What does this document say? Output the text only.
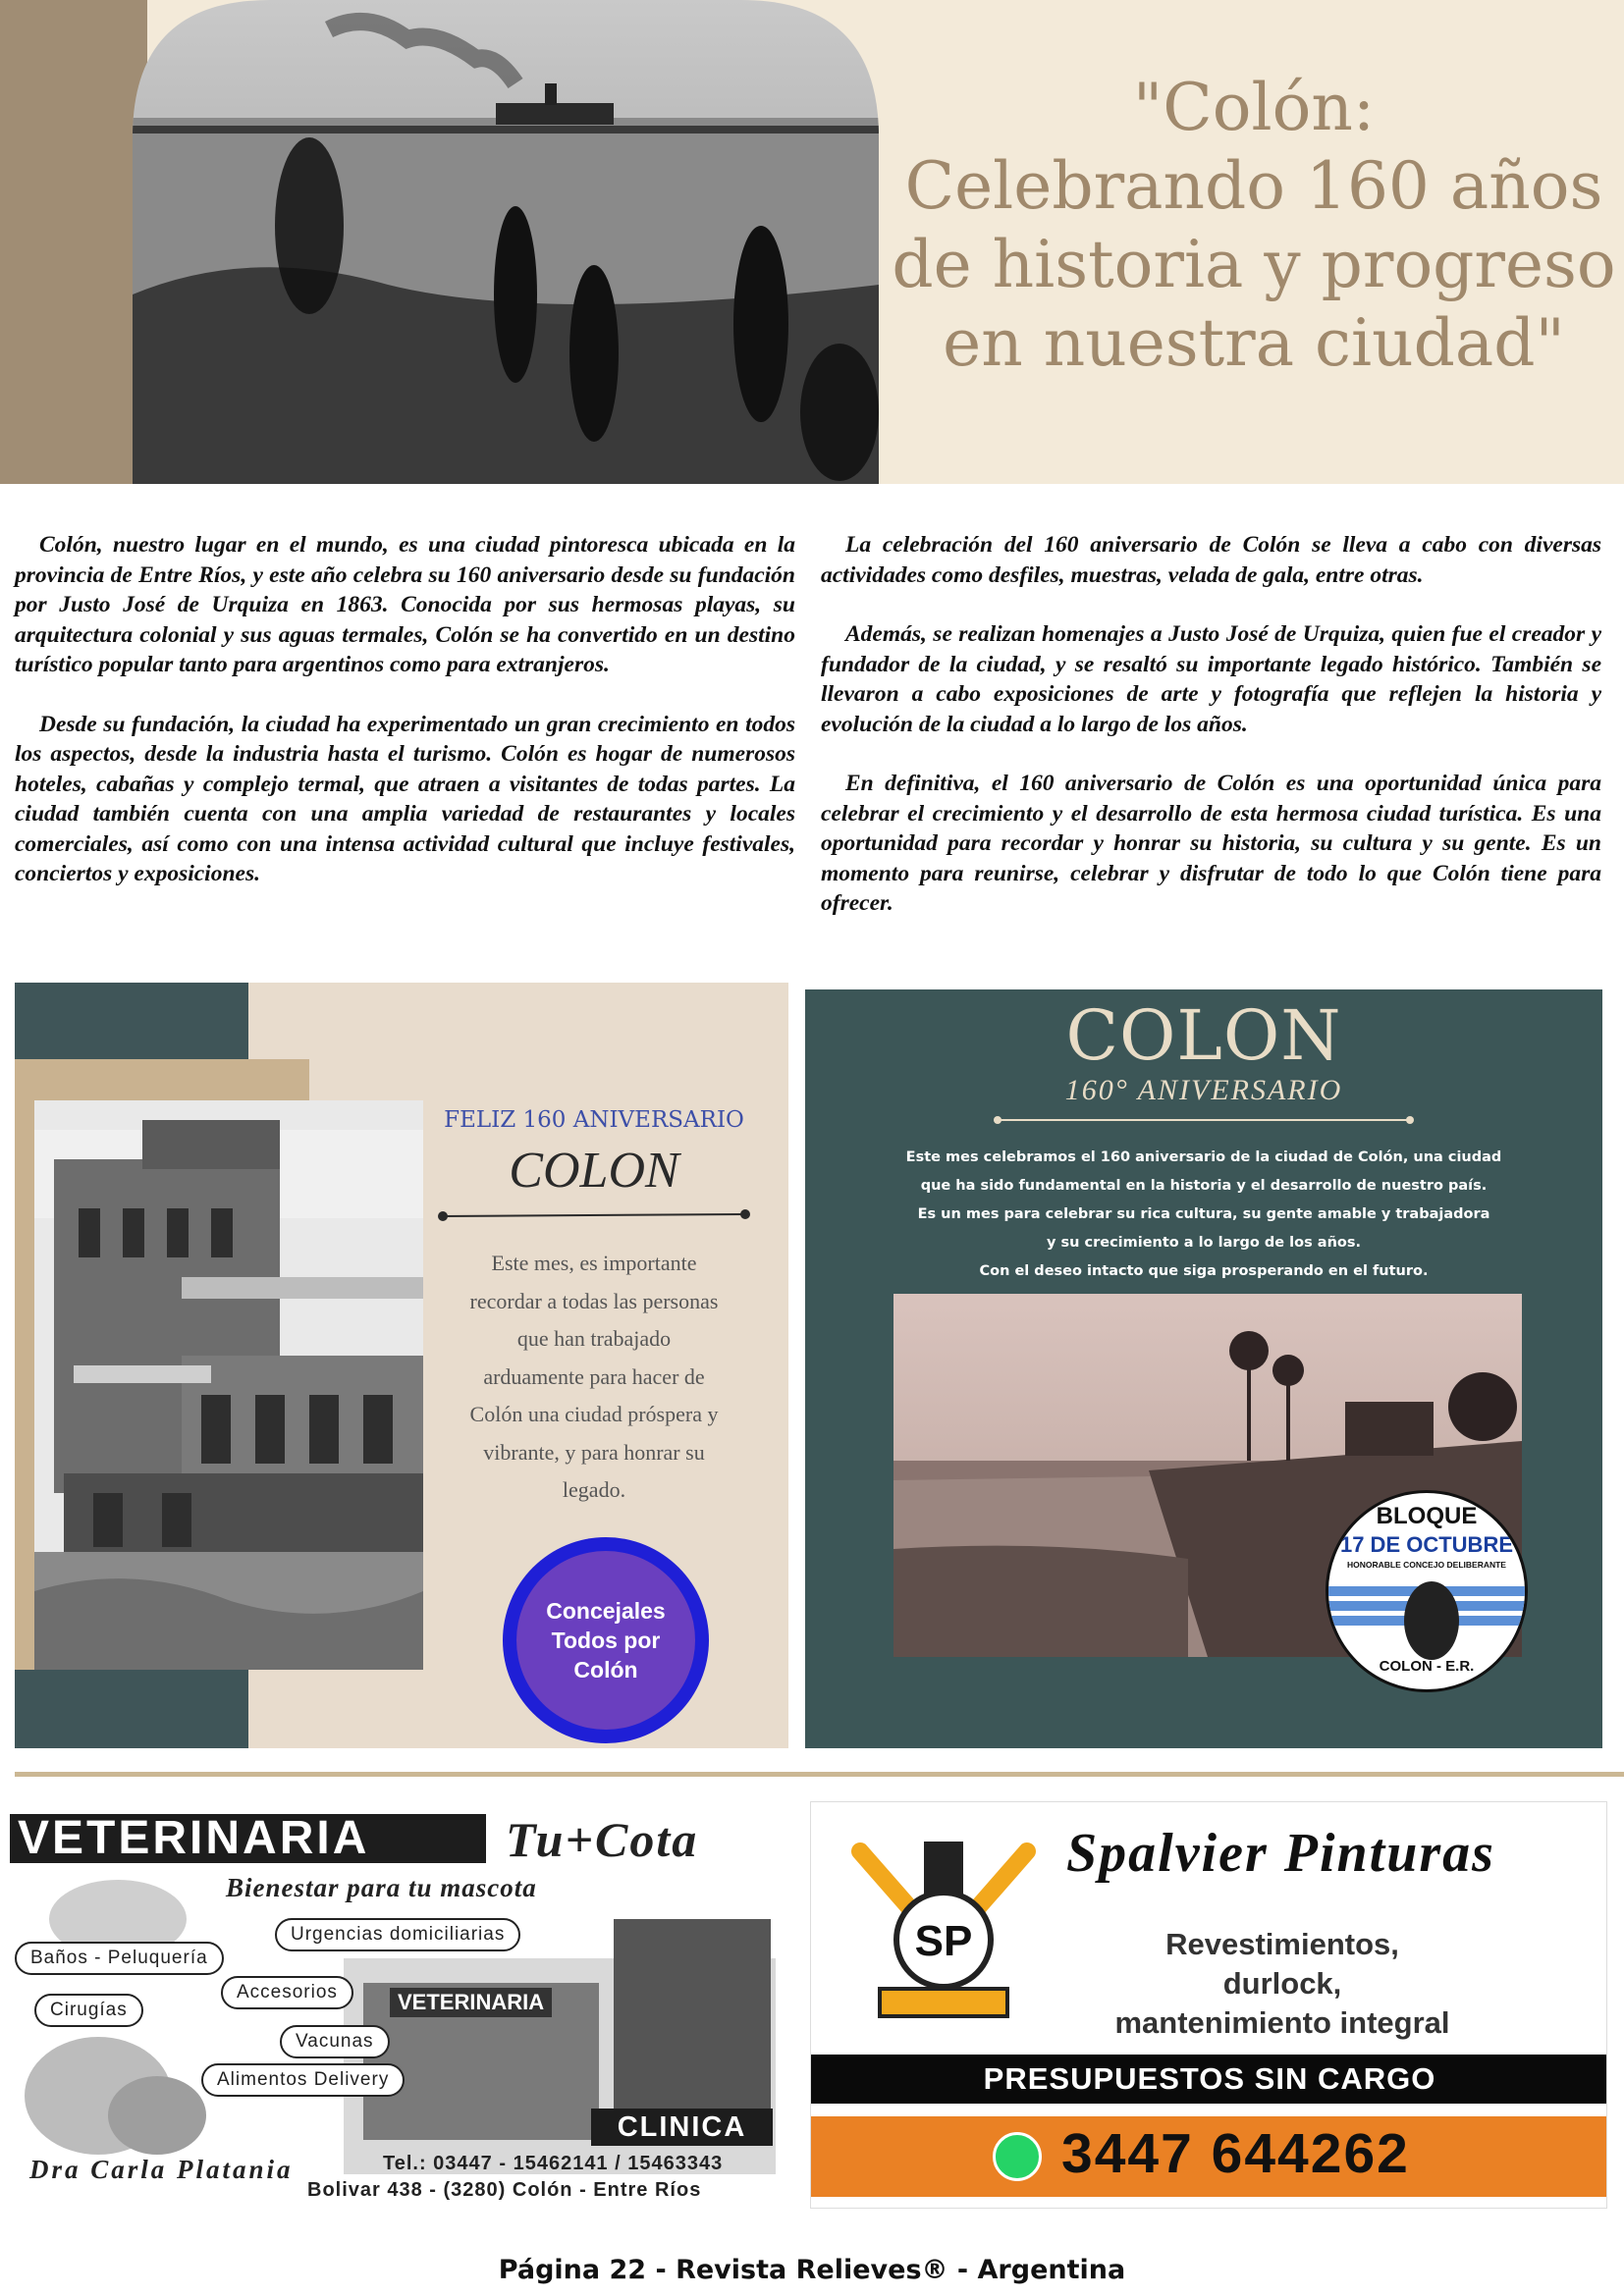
"Colón:
Celebrando 160 años
de historia y progreso
en nuestra ciudad"

Colón, nuestro lugar en el mundo, es una ciudad pintoresca ubicada en la provincia de Entre Ríos, y este año celebra su 160 aniversario desde su fundación por Justo José de Urquiza en 1863. Conocida por sus hermosas playas, su arquitectura colonial y sus aguas termales, Colón se ha convertido en un destino turístico popular tanto para argentinos como para extranjeros.

Desde su fundación, la ciudad ha experimentado un gran crecimiento en todos los aspectos, desde la industria hasta el turismo. Colón es hogar de numerosos hoteles, cabañas y complejo termal, que atraen a visitantes de todas partes. La ciudad también cuenta con una amplia variedad de restaurantes y locales comerciales, así como con una intensa actividad cultural que incluye festivales, conciertos y exposiciones.

La celebración del 160 aniversario de Colón se lleva a cabo con diversas actividades como desfiles, muestras, velada de gala, entre otras.

Además, se realizan homenajes a Justo José de Urquiza, quien fue el creador y fundador de la ciudad, y se resaltó su importante legado histórico. También se llevaron a cabo exposiciones de arte y fotografía que reflejen la historia y evolución de la ciudad a lo largo de los años.

En definitiva, el 160 aniversario de Colón es una oportunidad única para celebrar el crecimiento y el desarrollo de esta hermosa ciudad turística. Es una oportunidad para recordar y honrar su historia, su cultura y su gente. Es un momento para reunirse, celebrar y disfrutar de todo lo que Colón tiene para ofrecer.

FELIZ 160 ANIVERSARIO
COLON
Este mes, es importante
recordar a todas las personas
que han trabajado
arduamente para hacer de
Colón una ciudad próspera y
vibrante, y para honrar su
legado.
Concejales
Todos por Colón
COLON
160° ANIVERSARIO
Este mes celebramos el 160 aniversario de la ciudad de Colón, una ciudad
que ha sido fundamental en la historia y el desarrollo de nuestro país.
Es un mes para celebrar su rica cultura, su gente amable y trabajadora
y su crecimiento a lo largo de los años.
Con el deseo intacto que siga prosperando en el futuro.
BLOQUE
17 DE OCTUBRE
HONORABLE CONCEJO DELIBERANTE
COLON - E.R.
VETERINARIA	Tu+Cota
Bienestar para tu mascota
Urgencias domiciliarias
Baños - Peluquería
Accesorios
Cirugías
Vacunas
Alimentos Delivery
VETERINARIA
CLINICA
Dra Carla Platania	Tel.: 03447 - 15462141 / 15463343
Bolivar 438 - (3280) Colón - Entre Ríos
SP
Spalvier Pinturas
Revestimientos, durlock,
mantenimiento integral
PRESUPUESTOS SIN CARGO
3447 644262
Página 22 - Revista Relieves® - Argentina
